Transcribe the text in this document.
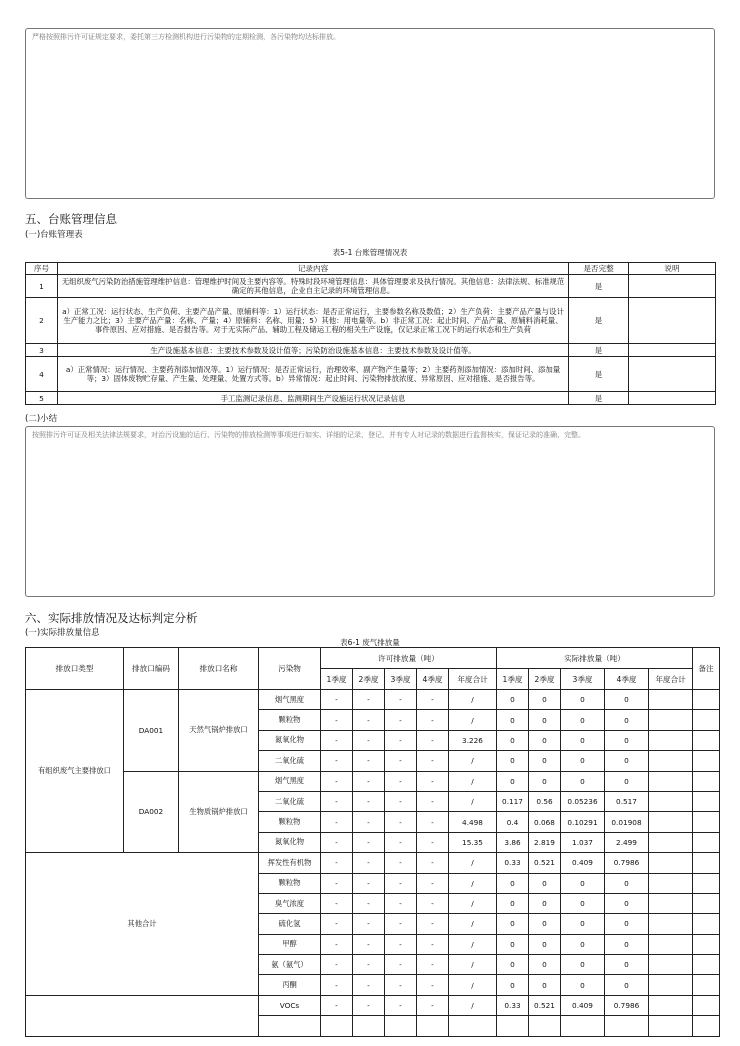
严格按照排污许可证规定要求，委托第三方检测机构进行污染物的定期检测，各污染物均达标排放。
五、台账管理信息
(一)台账管理表
表5-1 台账管理情况表
序号	记录内容	是否完整	说明
1	无组织废气污染防治措施管理维护信息：管理维护时间及主要内容等。特殊时段环境管理信息：具体管理要求及执行情况。其他信息：法律法规、标准规范确定的其他信息，企业自主记录的环境管理信息。	是	
2	a）正常工况：运行状态、生产负荷、主要产品产量、原辅料等：1）运行状态：是否正常运行，主要参数名称及数值；2）生产负荷：主要产品产量与设计生产能力之比；3）主要产品产量：名称、产量；4）原辅料：名称、用量；5）其他：用电量等。b）非正常工况：起止时间、产品产量、原辅料消耗量、事件原因、应对措施、是否报告等。对于无实际产品、辅助工程及储运工程的相关生产设施，仅记录正常工况下的运行状态和生产负荷	是	
3	生产设施基本信息：主要技术参数及设计值等；污染防治设施基本信息：主要技术参数及设计值等。	是	
4	a）正常情况：运行情况、主要药剂添加情况等。1）运行情况：是否正常运行，治理效率、副产物产生量等；2）主要药剂添加情况：添加时间、添加量等；3）固体废物贮存量、产生量、处理量、处置方式等。b）异常情况：起止时间、污染物排放浓度、异常原因、应对措施、是否报告等。	是	
5	手工监测记录信息、监测期间生产设施运行状况记录信息	是	
(二)小结
按照排污许可证及相关法律法规要求，对治污设施的运行、污染物的排放检测等事项进行如实、详细的记录、登记，并有专人对记录的数据进行监督核实，保证记录的准确、完整。
六、实际排放情况及达标判定分析
(一)实际排放量信息
表6-1 废气排放量
排放口类型	排放口编码	排放口名称	污染物	许可排放量（吨）					实际排放量（吨）					备注
				1季度	2季度	3季度	4季度	年度合计	1季度	2季度	3季度	4季度	年度合计	
有组织废气主要排放口	DA001	天然气锅炉排放口	烟气黑度	-	-	-	-	/	0	0	0	0		
			颗粒物	-	-	-	-	/	0	0	0	0		
			氮氧化物	-	-	-	-	3.226	0	0	0	0		
			二氧化硫	-	-	-	-	/	0	0	0	0		
	DA002	生物质锅炉排放口	烟气黑度	-	-	-	-	/	0	0	0	0		
			二氧化硫	-	-	-	-	/	0.117	0.56	0.05236	0.517		
			颗粒物	-	-	-	-	4.498	0.4	0.068	0.10291	0.01908		
			氮氧化物	-	-	-	-	15.35	3.86	2.819	1.037	2.499		
其他合计			挥发性有机物	-	-	-	-	/	0.33	0.521	0.409	0.7986		
			颗粒物	-	-	-	-	/	0	0	0	0		
			臭气浓度	-	-	-	-	/	0	0	0	0		
			硫化氢	-	-	-	-	/	0	0	0	0		
			甲醇	-	-	-	-	/	0	0	0	0		
			氨（氨气）	-	-	-	-	/	0	0	0	0		
			丙酮	-	-	-	-	/	0	0	0	0		
			VOCs	-	-	-	-	/	0.33	0.521	0.409	0.7986		
